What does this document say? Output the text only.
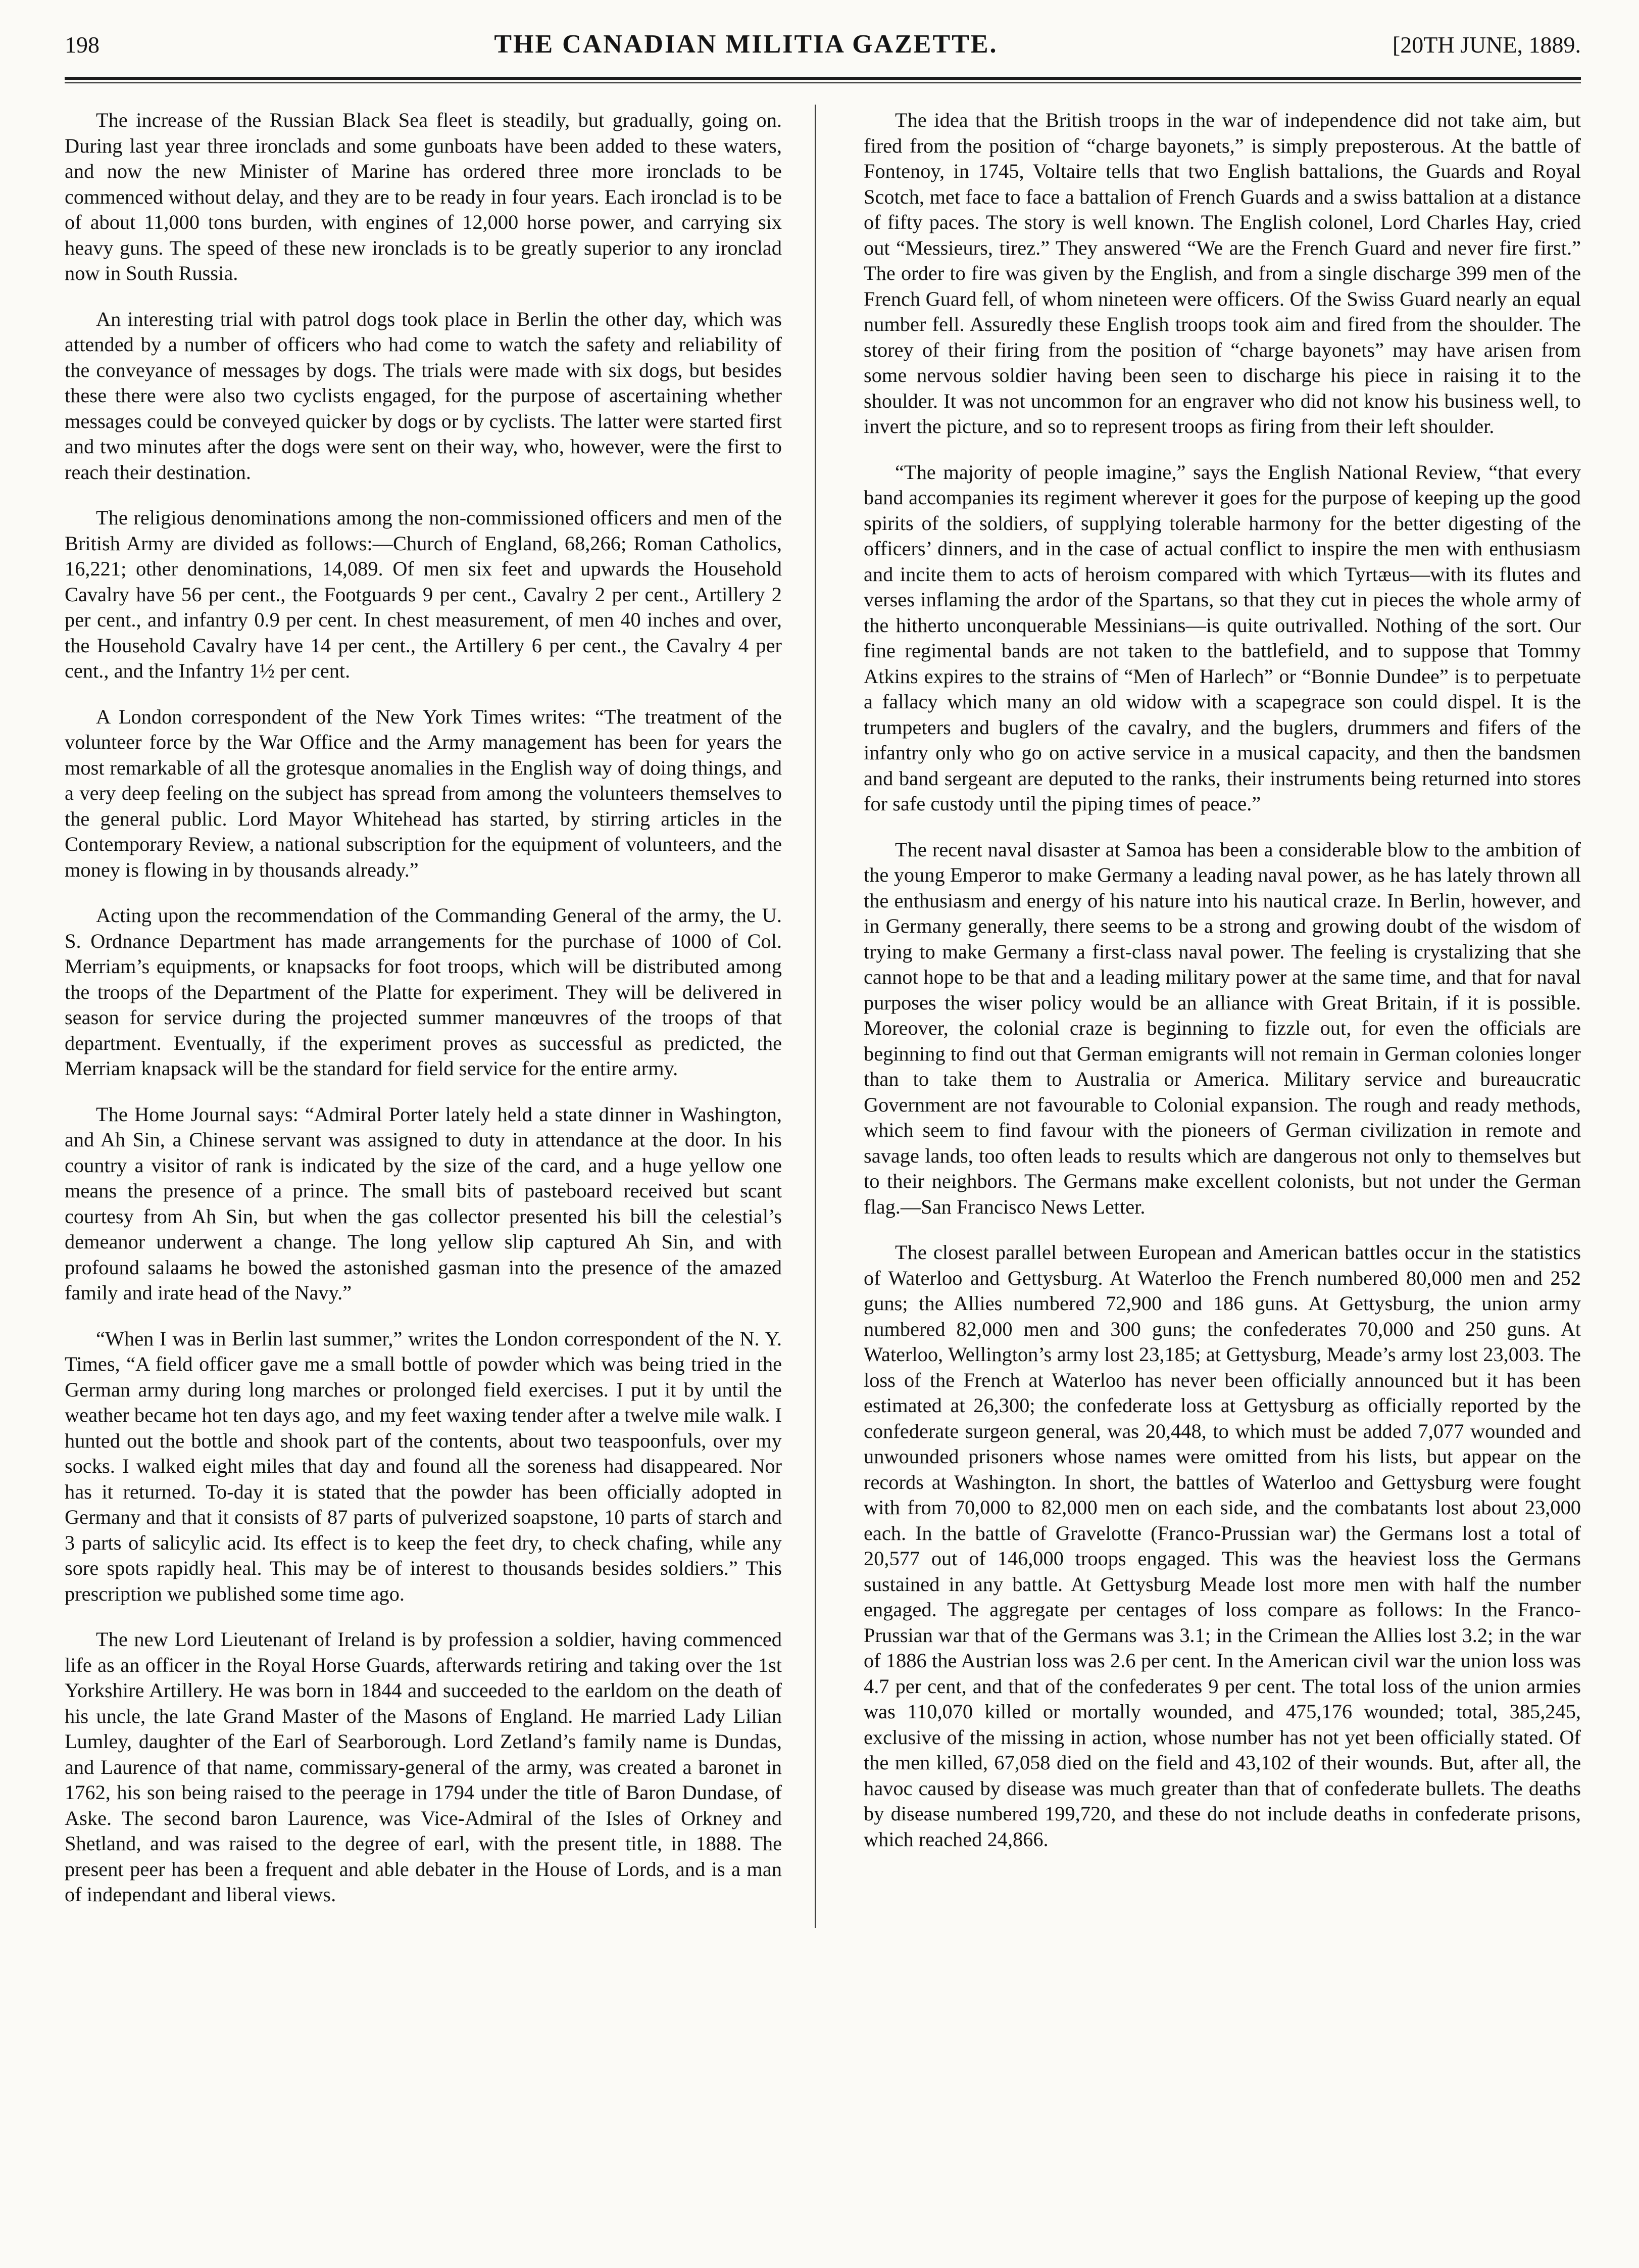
198	THE CANADIAN MILITIA GAZETTE.	[20TH JUNE, 1889.

The increase of the Russian Black Sea fleet is steadily, but gradually, going on. During last year three ironclads and some gunboats have been added to these waters, and now the new Minister of Marine has ordered three more ironclads to be commenced without delay, and they are to be ready in four years. Each ironclad is to be of about 11,000 tons burden, with engines of 12,000 horse power, and carrying six heavy guns. The speed of these new ironclads is to be greatly superior to any ironclad now in South Russia.

An interesting trial with patrol dogs took place in Berlin the other day, which was attended by a number of officers who had come to watch the safety and reliability of the conveyance of messages by dogs. The trials were made with six dogs, but besides these there were also two cyclists engaged, for the purpose of ascertaining whether messages could be conveyed quicker by dogs or by cyclists. The latter were started first and two minutes after the dogs were sent on their way, who, however, were the first to reach their destination.

The religious denominations among the non-commissioned officers and men of the British Army are divided as follows:—Church of England, 68,266; Roman Catholics, 16,221; other denominations, 14,089. Of men six feet and upwards the Household Cavalry have 56 per cent., the Footguards 9 per cent., Cavalry 2 per cent., Artillery 2 per cent., and infantry 0.9 per cent. In chest measurement, of men 40 inches and over, the Household Cavalry have 14 per cent., the Artillery 6 per cent., the Cavalry 4 per cent., and the Infantry 1½ per cent.

A London correspondent of the New York Times writes: “The treatment of the volunteer force by the War Office and the Army management has been for years the most remarkable of all the grotesque anomalies in the English way of doing things, and a very deep feeling on the subject has spread from among the volunteers themselves to the general public. Lord Mayor Whitehead has started, by stirring articles in the Contemporary Review, a national subscription for the equipment of volunteers, and the money is flowing in by thousands already.”

Acting upon the recommendation of the Commanding General of the army, the U. S. Ordnance Department has made arrangements for the purchase of 1000 of Col. Merriam’s equipments, or knapsacks for foot troops, which will be distributed among the troops of the Department of the Platte for experiment. They will be delivered in season for service during the projected summer manœuvres of the troops of that department. Eventually, if the experiment proves as successful as predicted, the Merriam knapsack will be the standard for field service for the entire army.

The Home Journal says: “Admiral Porter lately held a state dinner in Washington, and Ah Sin, a Chinese servant was assigned to duty in attendance at the door. In his country a visitor of rank is indicated by the size of the card, and a huge yellow one means the presence of a prince. The small bits of pasteboard received but scant courtesy from Ah Sin, but when the gas collector presented his bill the celestial’s demeanor underwent a change. The long yellow slip captured Ah Sin, and with profound salaams he bowed the astonished gasman into the presence of the amazed family and irate head of the Navy.”

“When I was in Berlin last summer,” writes the London correspondent of the N. Y. Times, “A field officer gave me a small bottle of powder which was being tried in the German army during long marches or prolonged field exercises. I put it by until the weather became hot ten days ago, and my feet waxing tender after a twelve mile walk. I hunted out the bottle and shook part of the contents, about two teaspoonfuls, over my socks. I walked eight miles that day and found all the soreness had disappeared. Nor has it returned. To-day it is stated that the powder has been officially adopted in Germany and that it consists of 87 parts of pulverized soapstone, 10 parts of starch and 3 parts of salicylic acid. Its effect is to keep the feet dry, to check chafing, while any sore spots rapidly heal. This may be of interest to thousands besides soldiers.” This prescription we published some time ago.

The new Lord Lieutenant of Ireland is by profession a soldier, having commenced life as an officer in the Royal Horse Guards, afterwards retiring and taking over the 1st Yorkshire Artillery. He was born in 1844 and succeeded to the earldom on the death of his uncle, the late Grand Master of the Masons of England. He married Lady Lilian Lumley, daughter of the Earl of Searborough. Lord Zetland’s family name is Dundas, and Laurence of that name, commissary-general of the army, was created a baronet in 1762, his son being raised to the peerage in 1794 under the title of Baron Dundase, of Aske. The second baron Laurence, was Vice-Admiral of the Isles of Orkney and Shetland, and was raised to the degree of earl, with the present title, in 1888. The present peer has been a frequent and able debater in the House of Lords, and is a man of independant and liberal views.

The idea that the British troops in the war of independence did not take aim, but fired from the position of “charge bayonets,” is simply preposterous. At the battle of Fontenoy, in 1745, Voltaire tells that two English battalions, the Guards and Royal Scotch, met face to face a battalion of French Guards and a swiss battalion at a distance of fifty paces. The story is well known. The English colonel, Lord Charles Hay, cried out “Messieurs, tirez.” They answered “We are the French Guard and never fire first.” The order to fire was given by the English, and from a single discharge 399 men of the French Guard fell, of whom nineteen were officers. Of the Swiss Guard nearly an equal number fell. Assuredly these English troops took aim and fired from the shoulder. The storey of their firing from the position of “charge bayonets” may have arisen from some nervous soldier having been seen to discharge his piece in raising it to the shoulder. It was not uncommon for an engraver who did not know his business well, to invert the picture, and so to represent troops as firing from their left shoulder.

“The majority of people imagine,” says the English National Review, “that every band accompanies its regiment wherever it goes for the purpose of keeping up the good spirits of the soldiers, of supplying tolerable harmony for the better digesting of the officers’ dinners, and in the case of actual conflict to inspire the men with enthusiasm and incite them to acts of heroism compared with which Tyrtæus—with its flutes and verses inflaming the ardor of the Spartans, so that they cut in pieces the whole army of the hitherto unconquerable Messinians—is quite outrivalled. Nothing of the sort. Our fine regimental bands are not taken to the battlefield, and to suppose that Tommy Atkins expires to the strains of “Men of Harlech” or “Bonnie Dundee” is to perpetuate a fallacy which many an old widow with a scapegrace son could dispel. It is the trumpeters and buglers of the cavalry, and the buglers, drummers and fifers of the infantry only who go on active service in a musical capacity, and then the bandsmen and band sergeant are deputed to the ranks, their instruments being returned into stores for safe custody until the piping times of peace.”

The recent naval disaster at Samoa has been a considerable blow to the ambition of the young Emperor to make Germany a leading naval power, as he has lately thrown all the enthusiasm and energy of his nature into his nautical craze. In Berlin, however, and in Germany generally, there seems to be a strong and growing doubt of the wisdom of trying to make Germany a first-class naval power. The feeling is crystalizing that she cannot hope to be that and a leading military power at the same time, and that for naval purposes the wiser policy would be an alliance with Great Britain, if it is possible. Moreover, the colonial craze is beginning to fizzle out, for even the officials are beginning to find out that German emigrants will not remain in German colonies longer than to take them to Australia or America. Military service and bureaucratic Government are not favourable to Colonial expansion. The rough and ready methods, which seem to find favour with the pioneers of German civilization in remote and savage lands, too often leads to results which are dangerous not only to themselves but to their neighbors. The Germans make excellent colonists, but not under the German flag.—San Francisco News Letter.

The closest parallel between European and American battles occur in the statistics of Waterloo and Gettysburg. At Waterloo the French numbered 80,000 men and 252 guns; the Allies numbered 72,900 and 186 guns. At Gettysburg, the union army numbered 82,000 men and 300 guns; the confederates 70,000 and 250 guns. At Waterloo, Wellington’s army lost 23,185; at Gettysburg, Meade’s army lost 23,003. The loss of the French at Waterloo has never been officially announced but it has been estimated at 26,300; the confederate loss at Gettysburg as officially reported by the confederate surgeon general, was 20,448, to which must be added 7,077 wounded and unwounded prisoners whose names were omitted from his lists, but appear on the records at Washington. In short, the battles of Waterloo and Gettysburg were fought with from 70,000 to 82,000 men on each side, and the combatants lost about 23,000 each. In the battle of Gravelotte (Franco-Prussian war) the Germans lost a total of 20,577 out of 146,000 troops engaged. This was the heaviest loss the Germans sustained in any battle. At Gettysburg Meade lost more men with half the number engaged. The aggregate per centages of loss compare as follows: In the Franco-Prussian war that of the Germans was 3.1; in the Crimean the Allies lost 3.2; in the war of 1886 the Austrian loss was 2.6 per cent. In the American civil war the union loss was 4.7 per cent, and that of the confederates 9 per cent. The total loss of the union armies was 110,070 killed or mortally wounded, and 475,176 wounded; total, 385,245, exclusive of the missing in action, whose number has not yet been officially stated. Of the men killed, 67,058 died on the field and 43,102 of their wounds. But, after all, the havoc caused by disease was much greater than that of confederate bullets. The deaths by disease numbered 199,720, and these do not include deaths in confederate prisons, which reached 24,866.
